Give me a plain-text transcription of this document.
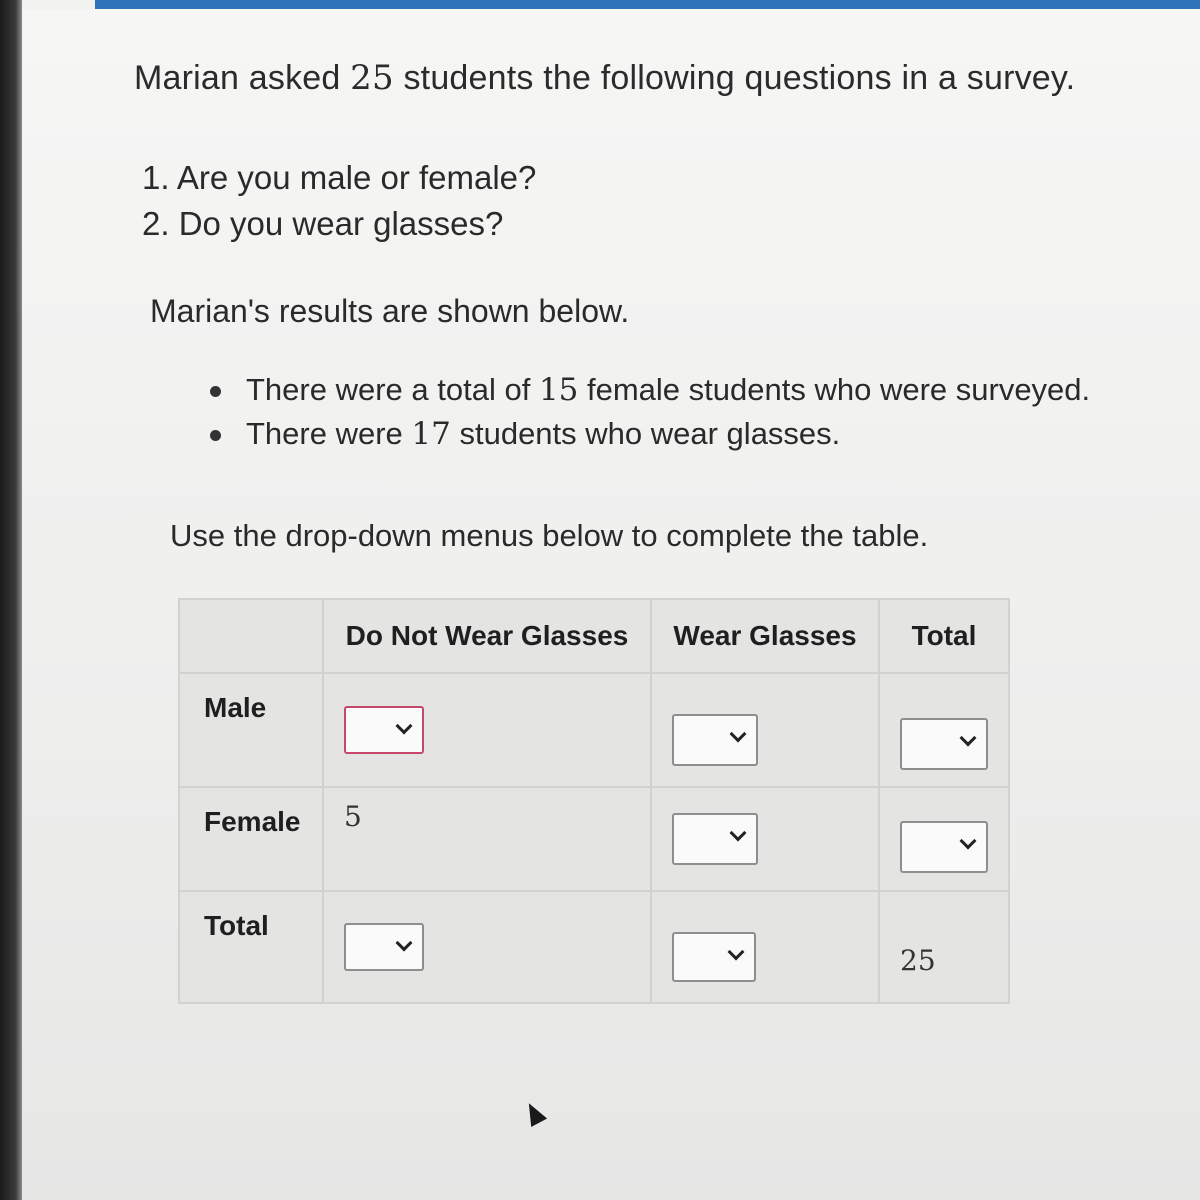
Marian asked 25 students the following questions in a survey.
1. Are you male or female?
2. Do you wear glasses?
Marian's results are shown below.
There were a total of 15 female students who were surveyed.
There were 17 students who wear glasses.
Use the drop-down menus below to complete the table.
	Do Not Wear Glasses	Wear Glasses	Total
Male	

Female	5	

Total			25
